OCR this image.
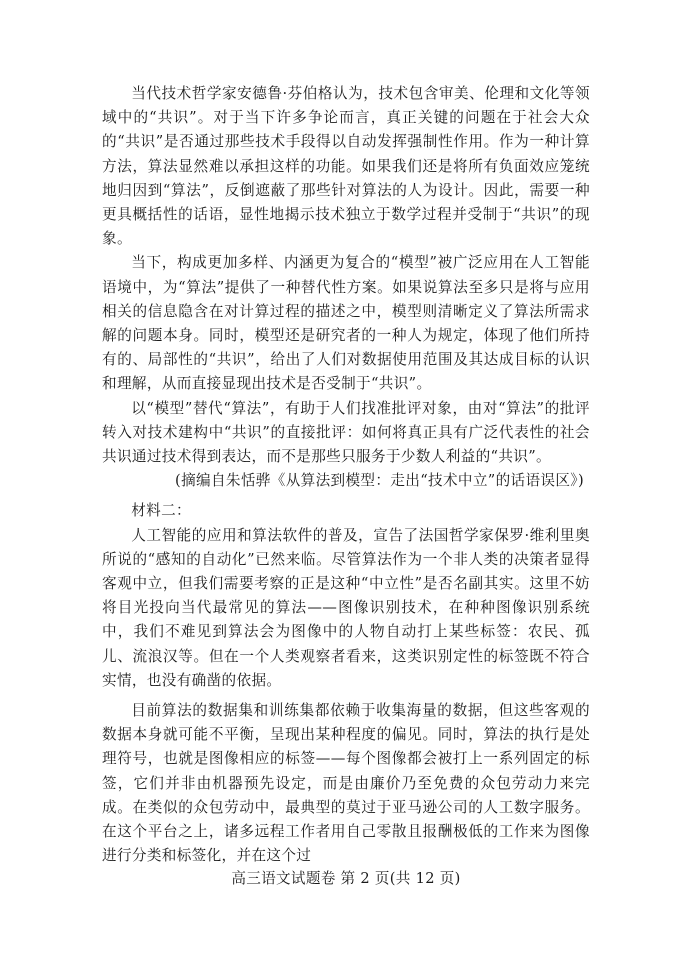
当代技术哲学家安德鲁·芬伯格认为，技术包含审美、伦理和文化等领域中的“共识”。对于当下许多争论而言，真正关键的问题在于社会大众的“共识”是否通过那些技术手段得以自动发挥强制性作用。作为一种计算方法，算法显然难以承担这样的功能。如果我们还是将所有负面效应笼统地归因到“算法”，反倒遮蔽了那些针对算法的人为设计。因此，需要一种更具概括性的话语，显性地揭示技术独立于数学过程并受制于“共识”的现象。

当下，构成更加多样、内涵更为复合的“模型”被广泛应用在人工智能语境中，为“算法”提供了一种替代性方案。如果说算法至多只是将与应用相关的信息隐含在对计算过程的描述之中，模型则清晰定义了算法所需求解的问题本身。同时，模型还是研究者的一种人为规定，体现了他们所持有的、局部性的“共识”，给出了人们对数据使用范围及其达成目标的认识和理解，从而直接显现出技术是否受制于“共识”。

以“模型”替代“算法”，有助于人们找准批评对象，由对“算法”的批评转入对技术建构中“共识”的直接批评：如何将真正具有广泛代表性的社会共识通过技术得到表达，而不是那些只服务于少数人利益的“共识”。

(摘编自朱恬骅《从算法到模型：走出“技术中立”的话语误区》)

材料二：

人工智能的应用和算法软件的普及，宣告了法国哲学家保罗·维利里奥所说的“感知的自动化”已然来临。尽管算法作为一个非人类的决策者显得客观中立，但我们需要考察的正是这种“中立性”是否名副其实。这里不妨将目光投向当代最常见的算法——图像识别技术，在种种图像识别系统中，我们不难见到算法会为图像中的人物自动打上某些标签：农民、孤儿、流浪汉等。但在一个人类观察者看来，这类识别定性的标签既不符合实情，也没有确凿的依据。

目前算法的数据集和训练集都依赖于收集海量的数据，但这些客观的数据本身就可能不平衡，呈现出某种程度的偏见。同时，算法的执行是处理符号，也就是图像相应的标签——每个图像都会被打上一系列固定的标签，它们并非由机器预先设定，而是由廉价乃至免费的众包劳动力来完成。在类似的众包劳动中，最典型的莫过于亚马逊公司的人工数字服务。在这个平台之上，诸多远程工作者用自己零散且报酬极低的工作来为图像进行分类和标签化，并在这个过

高三语文试题卷 第 2 页(共 12 页)
